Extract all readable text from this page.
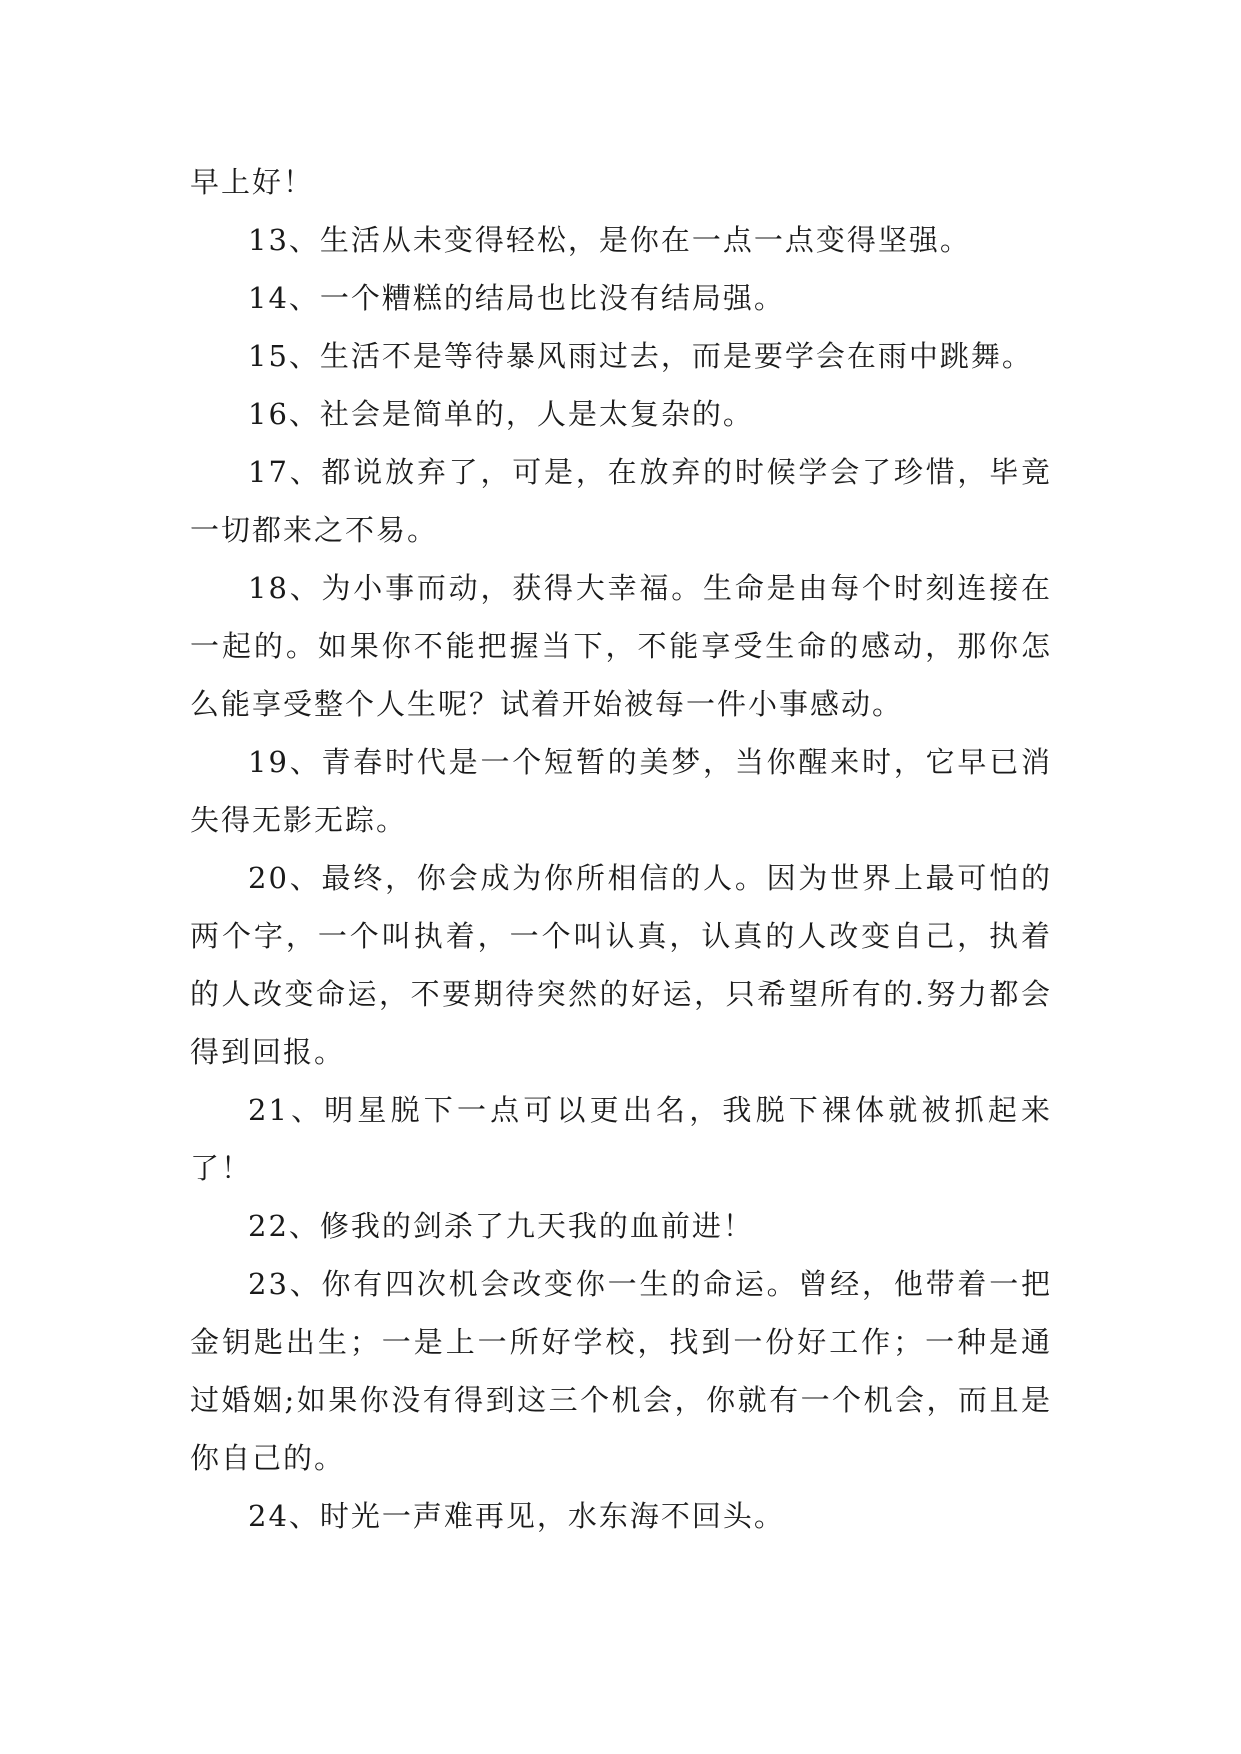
早上好！

13、生活从未变得轻松，是你在一点一点变得坚强。

14、一个糟糕的结局也比没有结局强。

15、生活不是等待暴风雨过去，而是要学会在雨中跳舞。

16、社会是简单的，人是太复杂的。

17、都说放弃了，可是，在放弃的时候学会了珍惜，毕竟一切都来之不易。

18、为小事而动，获得大幸福。生命是由每个时刻连接在一起的。如果你不能把握当下，不能享受生命的感动，那你怎么能享受整个人生呢？试着开始被每一件小事感动。

19、青春时代是一个短暂的美梦，当你醒来时，它早已消失得无影无踪。

20、最终，你会成为你所相信的人。因为世界上最可怕的两个字，一个叫执着，一个叫认真，认真的人改变自己，执着的人改变命运，不要期待突然的好运，只希望所有的.努力都会得到回报。

21、明星脱下一点可以更出名，我脱下裸体就被抓起来了！

22、修我的剑杀了九天我的血前进！

23、你有四次机会改变你一生的命运。曾经，他带着一把金钥匙出生；一是上一所好学校，找到一份好工作；一种是通过婚姻;如果你没有得到这三个机会，你就有一个机会，而且是你自己的。

24、时光一声难再见，水东海不回头。
